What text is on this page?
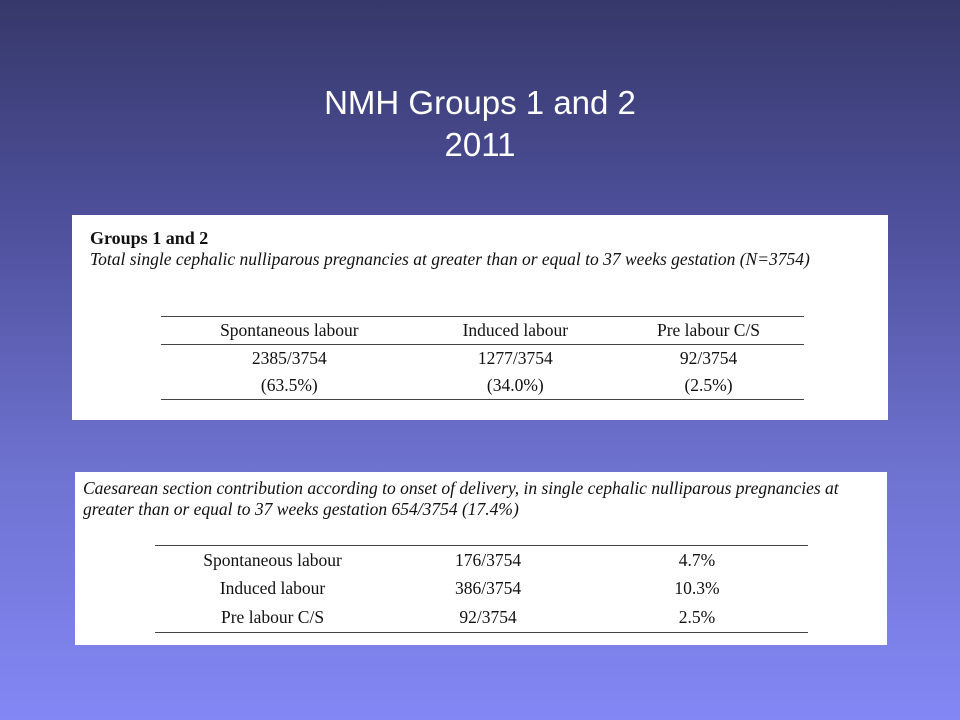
NMH Groups 1 and 2
2011
Groups 1 and 2
Total single cephalic nulliparous pregnancies at greater than or equal to 37 weeks gestation (N=3754)
Spontaneous labour	Induced labour	Pre labour C/S
2385/3754	1277/3754	92/3754
(63.5%)	(34.0%)	(2.5%)
Caesarean section contribution according to onset of delivery, in single cephalic nulliparous pregnancies at greater than or equal to 37 weeks gestation 654/3754 (17.4%)
Spontaneous labour	176/3754	4.7%
Induced labour	386/3754	10.3%
Pre labour C/S	92/3754	2.5%
